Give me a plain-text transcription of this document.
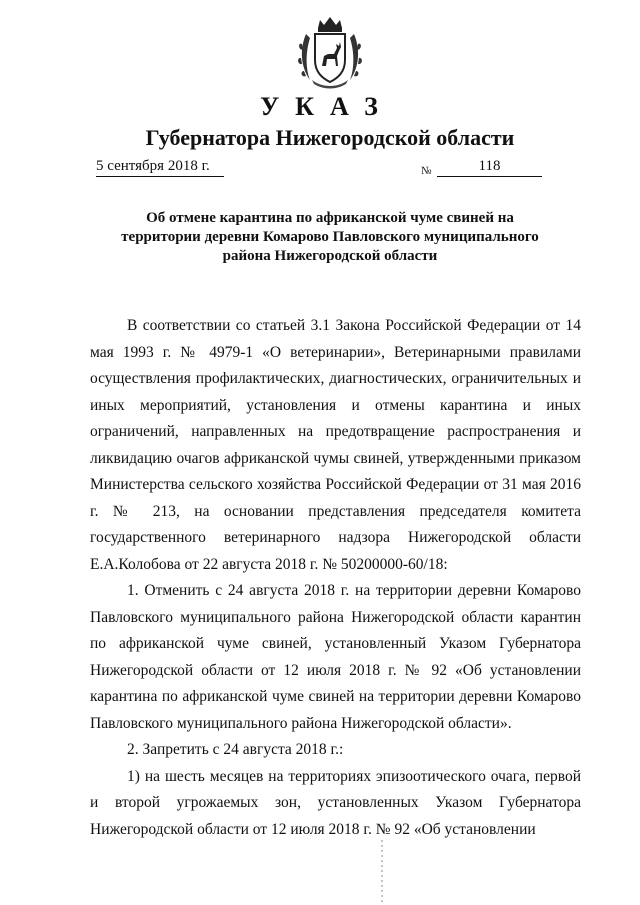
УКАЗ
Губернатора Нижегородской области
5 сентября 2018 г.	№	118
Об отмене карантина по африканской чуме свиней на
территории деревни Комарово Павловского муниципального
района Нижегородской области

В соответствии со статьей 3.1 Закона Российской Федерации от 14 мая 1993 г. № 4979-1 «О ветеринарии», Ветеринарными правилами осуществления профилактических, диагностических, ограничительных и иных мероприятий, установления и отмены карантина и иных ограничений, направленных на предотвращение распространения и ликвидацию очагов африканской чумы свиней, утвержденными приказом Министерства сельского хозяйства Российской Федерации от 31 мая 2016 г. № 213, на основании представления председателя комитета государственного ветеринарного надзора Нижегородской области Е.А.Колобова от 22 августа 2018 г. № 50200000-60/18:

1. Отменить с 24 августа 2018 г. на территории деревни Комарово Павловского муниципального района Нижегородской области карантин по африканской чуме свиней, установленный Указом Губернатора Нижегородской области от 12 июля 2018 г. № 92 «Об установлении карантина по африканской чуме свиней на территории деревни Комарово Павловского муниципального района Нижегородской области».

2. Запретить с 24 августа 2018 г.:

1) на шесть месяцев на территориях эпизоотического очага, первой и второй угрожаемых зон, установленных Указом Губернатора Нижегородской области от 12 июля 2018 г. № 92 «Об установлении
